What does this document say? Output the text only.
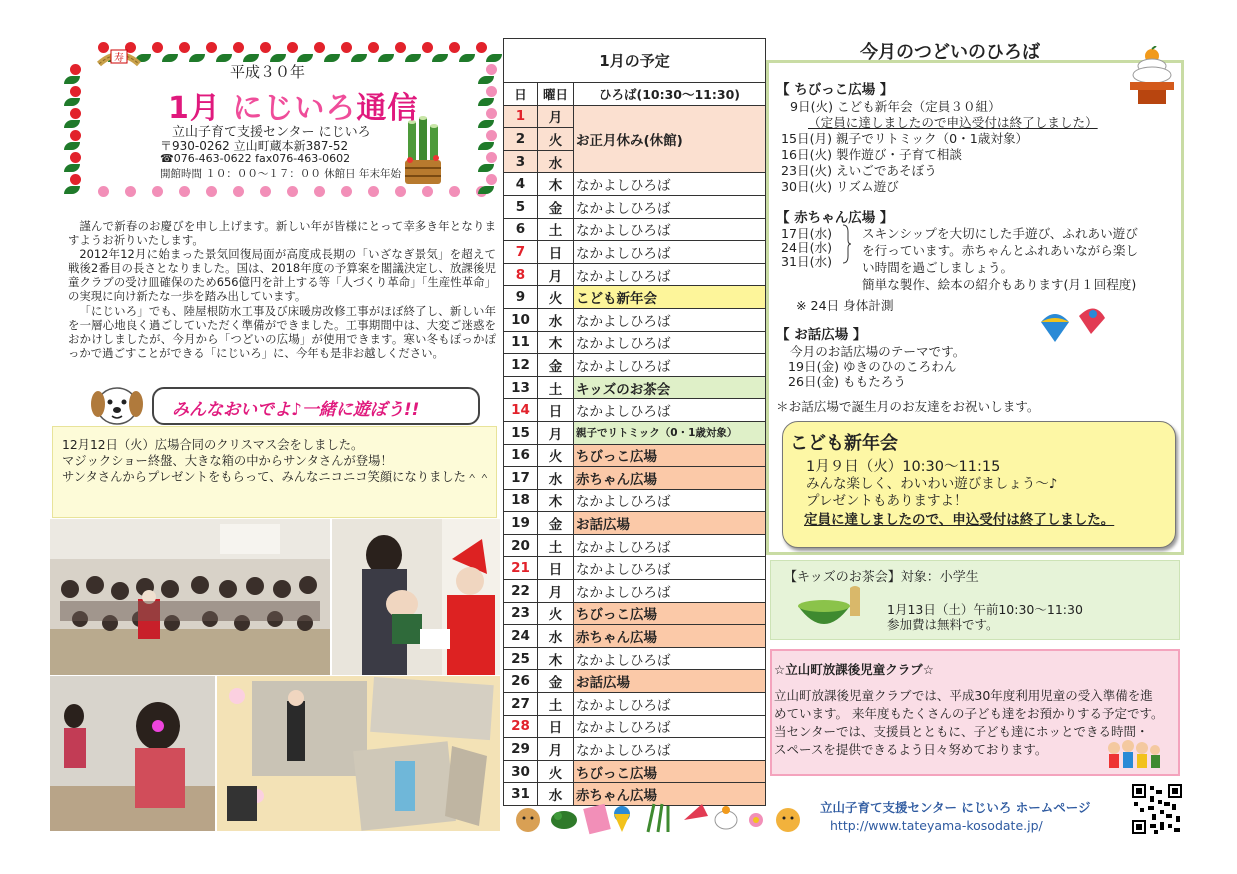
寿
平成３０年
1月 にじいろ通信
立山子育て支援センター にじいろ
〒930-0262 立山町蔵本新387-52
☎076-463-0622 fax076-463-0602
開館時間 １０：００～１７：００ 休館日 年末年始

謹んで新春のお慶びを申し上げます。新しい年が皆様にとって幸多き年となりますようお祈りいたします。

2012年12月に始まった景気回復局面が高度成長期の「いざなぎ景気」を超えて戦後2番目の長さとなりました。国は、2018年度の予算案を閣議決定し、放課後児童クラブの受け皿確保のため656億円を計上する等「人づくり革命」「生産性革命」の実現に向け新たな一歩を踏み出しています。

「にじいろ」でも、陸屋根防水工事及び床暖房改修工事がほぼ終了し、新しい年を一層心地良く過ごしていただく準備ができました。工事期間中は、大変ご迷惑をおかけしましたが、今月から「つどいの広場」が使用できます。寒い冬もぽっかぽっかで過ごすことができる「にじいろ」に、今年も是非お越しください。

みんなおいでよ♪一緒に遊ぼう!!
12月12日（火）広場合同のクリスマス会をしました。
マジックショー終盤、大きな箱の中からサンタさんが登場！
サンタさんからプレゼントをもらって、みんなニコニコ笑顔になりました＾＾
1月の予定
日	曜日	ひろば(10:30～11:30)
1	月	お正月休み(休館)
2	火	
3	水	
4	木	なかよしひろば
5	金	なかよしひろば
6	土	なかよしひろば
7	日	なかよしひろば
8	月	なかよしひろば
9	火	こども新年会
10	水	なかよしひろば
11	木	なかよしひろば
12	金	なかよしひろば
13	土	キッズのお茶会
14	日	なかよしひろば
15	月	親子でリトミック（0・1歳対象）
16	火	ちびっこ広場
17	水	赤ちゃん広場
18	木	なかよしひろば
19	金	お話広場
20	土	なかよしひろば
21	日	なかよしひろば
22	月	なかよしひろば
23	火	ちびっこ広場
24	水	赤ちゃん広場
25	木	なかよしひろば
26	金	お話広場
27	土	なかよしひろば
28	日	なかよしひろば
29	月	なかよしひろば
30	火	ちびっこ広場
31	水	赤ちゃん広場
今月のつどいのひろば
【 ちびっこ広場 】
9日(火) こども新年会（定員３０組）
（定員に達しましたので申込受付は終了しました）
15日(月) 親子でリトミック（0・1歳対象）
16日(火) 製作遊び・子育て相談
23日(火) えいごであそぼう
30日(火) リズム遊び
【 赤ちゃん広場 】
17日(水)
24日(水)
31日(水)
スキンシップを大切にした手遊び、ふれあい遊び
を行っています。赤ちゃんとふれあいながら楽し
い時間を過ごしましょう。
簡単な製作、絵本の紹介もあります(月１回程度)
※ 24日 身体計測
【 お話広場 】
今月のお話広場のテーマです。
19日(金) ゆきのひのころわん
26日(金) ももたろう
＊お話広場で誕生月のお友達をお祝いします。
こども新年会
1月９日（火）10:30～11:15
みんな楽しく、わいわい遊びましょう～♪
プレゼントもありますよ！
定員に達しましたので、申込受付は終了しました。
【キッズのお茶会】対象：小学生
1月13日（土）午前10:30～11:30
参加費は無料です。
☆立山町放課後児童クラブ☆
立山町放課後児童クラブでは、平成30年度利用児童の受入準備を進
めています。 来年度もたくさんの子ども達をお預かりする予定です。
当センターでは、支援員とともに、子ども達にホッとできる時間・
スペースを提供できるよう日々努めております。
立山子育て支援センター にじいろ ホームページ
http://www.tateyama-kosodate.jp/
